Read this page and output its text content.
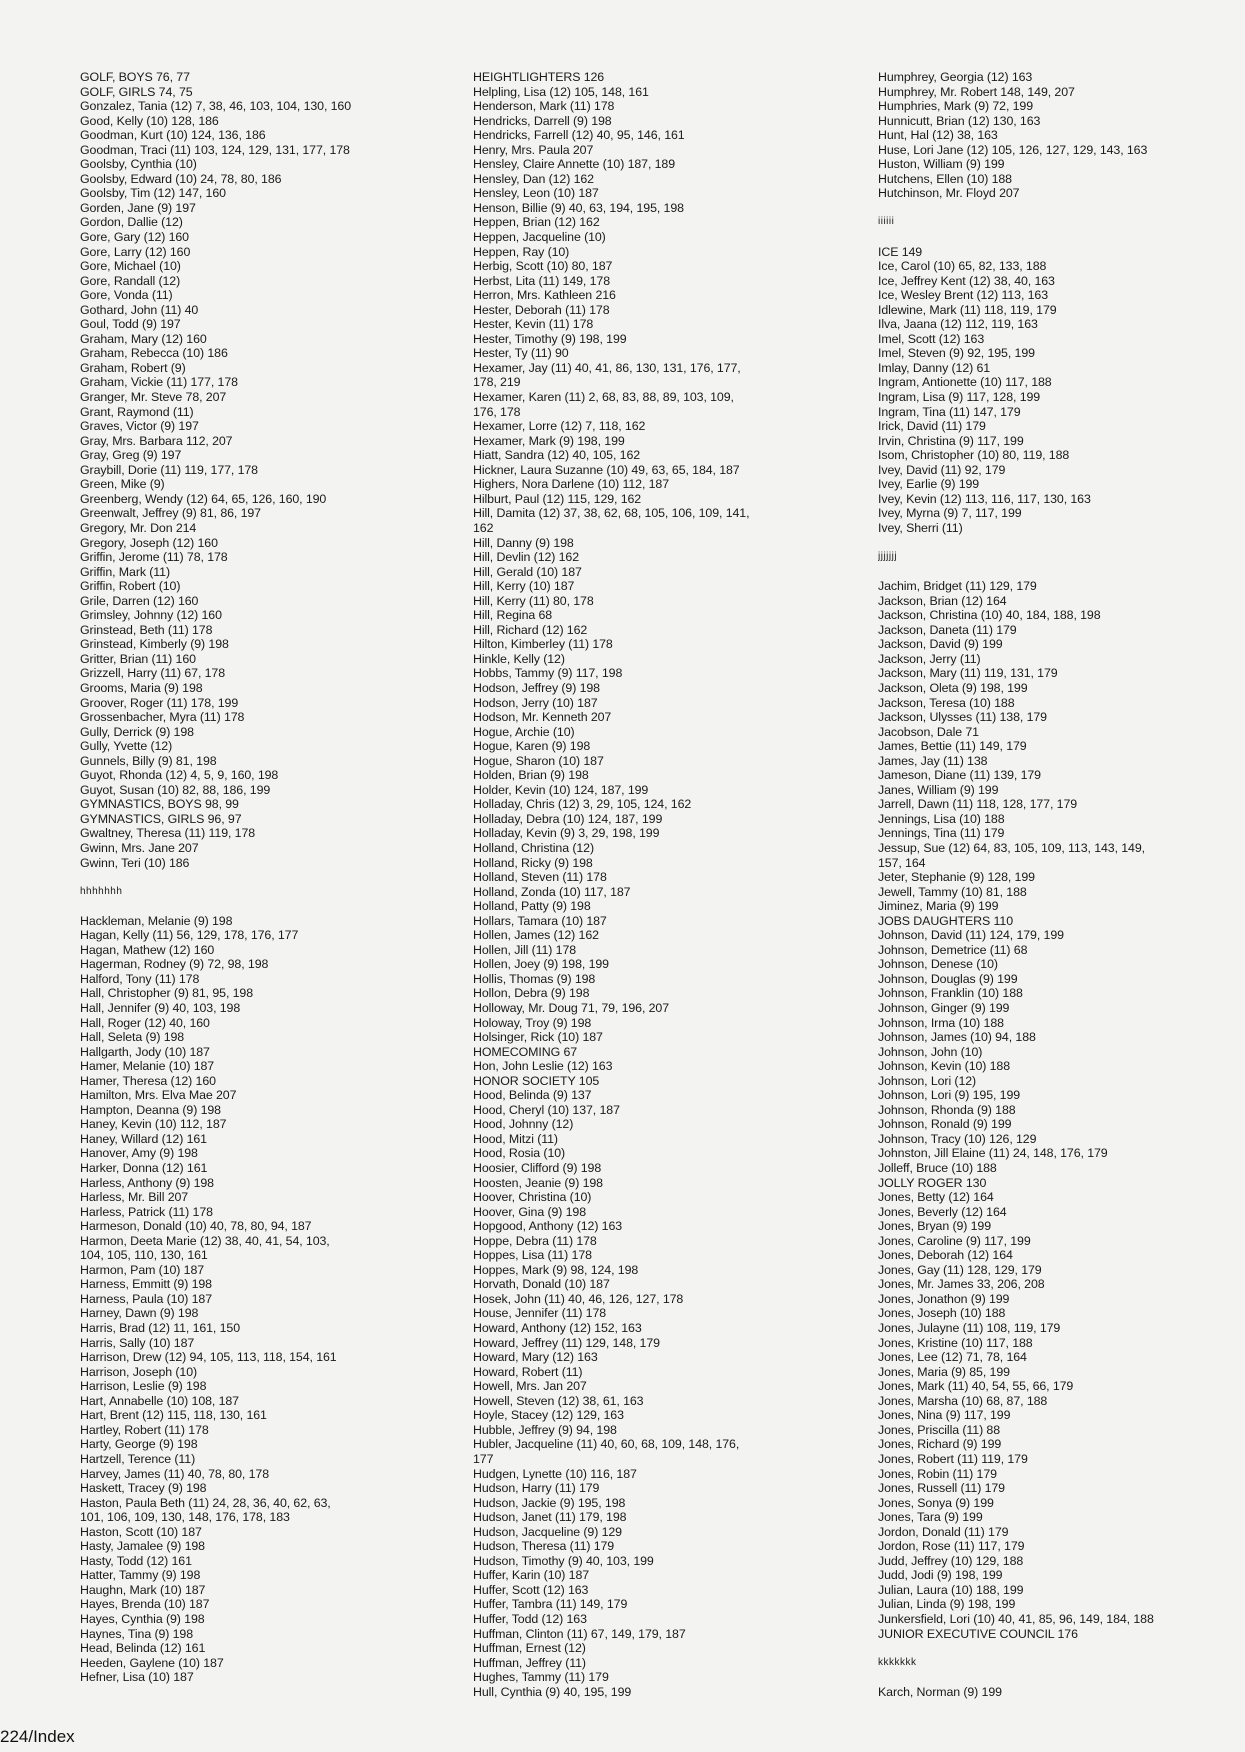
GOLF, BOYS 76, 77
GOLF, GIRLS 74, 75
Gonzalez, Tania (12) 7, 38, 46, 103, 104, 130, 160
Good, Kelly (10) 128, 186
Goodman, Kurt (10) 124, 136, 186
Goodman, Traci (11) 103, 124, 129, 131, 177, 178
Goolsby, Cynthia (10)
Goolsby, Edward (10) 24, 78, 80, 186
Goolsby, Tim (12) 147, 160
Gorden, Jane (9) 197
Gordon, Dallie (12)
Gore, Gary (12) 160
Gore, Larry (12) 160
Gore, Michael (10)
Gore, Randall (12)
Gore, Vonda (11)
Gothard, John (11) 40
Goul, Todd (9) 197
Graham, Mary (12) 160
Graham, Rebecca (10) 186
Graham, Robert (9)
Graham, Vickie (11) 177, 178
Granger, Mr. Steve 78, 207
Grant, Raymond (11)
Graves, Victor (9) 197
Gray, Mrs. Barbara 112, 207
Gray, Greg (9) 197
Graybill, Dorie (11) 119, 177, 178
Green, Mike (9)
Greenberg, Wendy (12) 64, 65, 126, 160, 190
Greenwalt, Jeffrey (9) 81, 86, 197
Gregory, Mr. Don 214
Gregory, Joseph (12) 160
Griffin, Jerome (11) 78, 178
Griffin, Mark (11)
Griffin, Robert (10)
Grile, Darren (12) 160
Grimsley, Johnny (12) 160
Grinstead, Beth (11) 178
Grinstead, Kimberly (9) 198
Gritter, Brian (11) 160
Grizzell, Harry (11) 67, 178
Grooms, Maria (9) 198
Groover, Roger (11) 178, 199
Grossenbacher, Myra (11) 178
Gully, Derrick (9) 198
Gully, Yvette (12)
Gunnels, Billy (9) 81, 198
Guyot, Rhonda (12) 4, 5, 9, 160, 198
Guyot, Susan (10) 82, 88, 186, 199
GYMNASTICS, BOYS 98, 99
GYMNASTICS, GIRLS 96, 97
Gwaltney, Theresa (11) 119, 178
Gwinn, Mrs. Jane 207
Gwinn, Teri (10) 186
hhhhhhh
Hackleman, Melanie (9) 198
Hagan, Kelly (11) 56, 129, 178, 176, 177
Hagan, Mathew (12) 160
Hagerman, Rodney (9) 72, 98, 198
Halford, Tony (11) 178
Hall, Christopher (9) 81, 95, 198
Hall, Jennifer (9) 40, 103, 198
Hall, Roger (12) 40, 160
Hall, Seleta (9) 198
Hallgarth, Jody (10) 187
Hamer, Melanie (10) 187
Hamer, Theresa (12) 160
Hamilton, Mrs. Elva Mae 207
Hampton, Deanna (9) 198
Haney, Kevin (10) 112, 187
Haney, Willard (12) 161
Hanover, Amy (9) 198
Harker, Donna (12) 161
Harless, Anthony (9) 198
Harless, Mr. Bill 207
Harless, Patrick (11) 178
Harmeson, Donald (10) 40, 78, 80, 94, 187
Harmon, Deeta Marie (12) 38, 40, 41, 54, 103,
104, 105, 110, 130, 161
Harmon, Pam (10) 187
Harness, Emmitt (9) 198
Harness, Paula (10) 187
Harney, Dawn (9) 198
Harris, Brad (12) 11, 161, 150
Harris, Sally (10) 187
Harrison, Drew (12) 94, 105, 113, 118, 154, 161
Harrison, Joseph (10)
Harrison, Leslie (9) 198
Hart, Annabelle (10) 108, 187
Hart, Brent (12) 115, 118, 130, 161
Hartley, Robert (11) 178
Harty, George (9) 198
Hartzell, Terence (11)
Harvey, James (11) 40, 78, 80, 178
Haskett, Tracey (9) 198
Haston, Paula Beth (11) 24, 28, 36, 40, 62, 63,
101, 106, 109, 130, 148, 176, 178, 183
Haston, Scott (10) 187
Hasty, Jamalee (9) 198
Hasty, Todd (12) 161
Hatter, Tammy (9) 198
Haughn, Mark (10) 187
Hayes, Brenda (10) 187
Hayes, Cynthia (9) 198
Haynes, Tina (9) 198
Head, Belinda (12) 161
Heeden, Gaylene (10) 187
Hefner, Lisa (10) 187
HEIGHTLIGHTERS 126
Helpling, Lisa (12) 105, 148, 161
Henderson, Mark (11) 178
Hendricks, Darrell (9) 198
Hendricks, Farrell (12) 40, 95, 146, 161
Henry, Mrs. Paula 207
Hensley, Claire Annette (10) 187, 189
Hensley, Dan (12) 162
Hensley, Leon (10) 187
Henson, Billie (9) 40, 63, 194, 195, 198
Heppen, Brian (12) 162
Heppen, Jacqueline (10)
Heppen, Ray (10)
Herbig, Scott (10) 80, 187
Herbst, Lita (11) 149, 178
Herron, Mrs. Kathleen 216
Hester, Deborah (11) 178
Hester, Kevin (11) 178
Hester, Timothy (9) 198, 199
Hester, Ty (11) 90
Hexamer, Jay (11) 40, 41, 86, 130, 131, 176, 177,
178, 219
Hexamer, Karen (11) 2, 68, 83, 88, 89, 103, 109,
176, 178
Hexamer, Lorre (12) 7, 118, 162
Hexamer, Mark (9) 198, 199
Hiatt, Sandra (12) 40, 105, 162
Hickner, Laura Suzanne (10) 49, 63, 65, 184, 187
Highers, Nora Darlene (10) 112, 187
Hilburt, Paul (12) 115, 129, 162
Hill, Damita (12) 37, 38, 62, 68, 105, 106, 109, 141,
162
Hill, Danny (9) 198
Hill, Devlin (12) 162
Hill, Gerald (10) 187
Hill, Kerry (10) 187
Hill, Kerry (11) 80, 178
Hill, Regina 68
Hill, Richard (12) 162
Hilton, Kimberley (11) 178
Hinkle, Kelly (12)
Hobbs, Tammy (9) 117, 198
Hodson, Jeffrey (9) 198
Hodson, Jerry (10) 187
Hodson, Mr. Kenneth 207
Hogue, Archie (10)
Hogue, Karen (9) 198
Hogue, Sharon (10) 187
Holden, Brian (9) 198
Holder, Kevin (10) 124, 187, 199
Holladay, Chris (12) 3, 29, 105, 124, 162
Holladay, Debra (10) 124, 187, 199
Holladay, Kevin (9) 3, 29, 198, 199
Holland, Christina (12)
Holland, Ricky (9) 198
Holland, Steven (11) 178
Holland, Zonda (10) 117, 187
Holland, Patty (9) 198
Hollars, Tamara (10) 187
Hollen, James (12) 162
Hollen, Jill (11) 178
Hollen, Joey (9) 198, 199
Hollis, Thomas (9) 198
Hollon, Debra (9) 198
Holloway, Mr. Doug 71, 79, 196, 207
Holoway, Troy (9) 198
Holsinger, Rick (10) 187
HOMECOMING 67
Hon, John Leslie (12) 163
HONOR SOCIETY 105
Hood, Belinda (9) 137
Hood, Cheryl (10) 137, 187
Hood, Johnny (12)
Hood, Mitzi (11)
Hood, Rosia (10)
Hoosier, Clifford (9) 198
Hoosten, Jeanie (9) 198
Hoover, Christina (10)
Hoover, Gina (9) 198
Hopgood, Anthony (12) 163
Hoppe, Debra (11) 178
Hoppes, Lisa (11) 178
Hoppes, Mark (9) 98, 124, 198
Horvath, Donald (10) 187
Hosek, John (11) 40, 46, 126, 127, 178
House, Jennifer (11) 178
Howard, Anthony (12) 152, 163
Howard, Jeffrey (11) 129, 148, 179
Howard, Mary (12) 163
Howard, Robert (11)
Howell, Mrs. Jan 207
Howell, Steven (12) 38, 61, 163
Hoyle, Stacey (12) 129, 163
Hubble, Jeffrey (9) 94, 198
Hubler, Jacqueline (11) 40, 60, 68, 109, 148, 176,
177
Hudgen, Lynette (10) 116, 187
Hudson, Harry (11) 179
Hudson, Jackie (9) 195, 198
Hudson, Janet (11) 179, 198
Hudson, Jacqueline (9) 129
Hudson, Theresa (11) 179
Hudson, Timothy (9) 40, 103, 199
Huffer, Karin (10) 187
Huffer, Scott (12) 163
Huffer, Tambra (11) 149, 179
Huffer, Todd (12) 163
Huffman, Clinton (11) 67, 149, 179, 187
Huffman, Ernest (12)
Huffman, Jeffrey (11)
Hughes, Tammy (11) 179
Hull, Cynthia (9) 40, 195, 199
Humphrey, Georgia (12) 163
Humphrey, Mr. Robert 148, 149, 207
Humphries, Mark (9) 72, 199
Hunnicutt, Brian (12) 130, 163
Hunt, Hal (12) 38, 163
Huse, Lori Jane (12) 105, 126, 127, 129, 143, 163
Huston, William (9) 199
Hutchens, Ellen (10) 188
Hutchinson, Mr. Floyd 207
iiiiii
ICE 149
Ice, Carol (10) 65, 82, 133, 188
Ice, Jeffrey Kent (12) 38, 40, 163
Ice, Wesley Brent (12) 113, 163
Idlewine, Mark (11) 118, 119, 179
Ilva, Jaana (12) 112, 119, 163
Imel, Scott (12) 163
Imel, Steven (9) 92, 195, 199
Imlay, Danny (12) 61
Ingram, Antionette (10) 117, 188
Ingram, Lisa (9) 117, 128, 199
Ingram, Tina (11) 147, 179
Irick, David (11) 179
Irvin, Christina (9) 117, 199
Isom, Christopher (10) 80, 119, 188
Ivey, David (11) 92, 179
Ivey, Earlie (9) 199
Ivey, Kevin (12) 113, 116, 117, 130, 163
Ivey, Myrna (9) 7, 117, 199
Ivey, Sherri (11)
jjjjjjj
Jachim, Bridget (11) 129, 179
Jackson, Brian (12) 164
Jackson, Christina (10) 40, 184, 188, 198
Jackson, Daneta (11) 179
Jackson, David (9) 199
Jackson, Jerry (11)
Jackson, Mary (11) 119, 131, 179
Jackson, Oleta (9) 198, 199
Jackson, Teresa (10) 188
Jackson, Ulysses (11) 138, 179
Jacobson, Dale 71
James, Bettie (11) 149, 179
James, Jay (11) 138
Jameson, Diane (11) 139, 179
Janes, William (9) 199
Jarrell, Dawn (11) 118, 128, 177, 179
Jennings, Lisa (10) 188
Jennings, Tina (11) 179
Jessup, Sue (12) 64, 83, 105, 109, 113, 143, 149,
157, 164
Jeter, Stephanie (9) 128, 199
Jewell, Tammy (10) 81, 188
Jiminez, Maria (9) 199
JOBS DAUGHTERS 110
Johnson, David (11) 124, 179, 199
Johnson, Demetrice (11) 68
Johnson, Denese (10)
Johnson, Douglas (9) 199
Johnson, Franklin (10) 188
Johnson, Ginger (9) 199
Johnson, Irma (10) 188
Johnson, James (10) 94, 188
Johnson, John (10)
Johnson, Kevin (10) 188
Johnson, Lori (12)
Johnson, Lori (9) 195, 199
Johnson, Rhonda (9) 188
Johnson, Ronald (9) 199
Johnson, Tracy (10) 126, 129
Johnston, Jill Elaine (11) 24, 148, 176, 179
Jolleff, Bruce (10) 188
JOLLY ROGER 130
Jones, Betty (12) 164
Jones, Beverly (12) 164
Jones, Bryan (9) 199
Jones, Caroline (9) 117, 199
Jones, Deborah (12) 164
Jones, Gay (11) 128, 129, 179
Jones, Mr. James 33, 206, 208
Jones, Jonathon (9) 199
Jones, Joseph (10) 188
Jones, Julayne (11) 108, 119, 179
Jones, Kristine (10) 117, 188
Jones, Lee (12) 71, 78, 164
Jones, Maria (9) 85, 199
Jones, Mark (11) 40, 54, 55, 66, 179
Jones, Marsha (10) 68, 87, 188
Jones, Nina (9) 117, 199
Jones, Priscilla (11) 88
Jones, Richard (9) 199
Jones, Robert (11) 119, 179
Jones, Robin (11) 179
Jones, Russell (11) 179
Jones, Sonya (9) 199
Jones, Tara (9) 199
Jordon, Donald (11) 179
Jordon, Rose (11) 117, 179
Judd, Jeffrey (10) 129, 188
Judd, Jodi (9) 198, 199
Julian, Laura (10) 188, 199
Julian, Linda (9) 198, 199
Junkersfield, Lori (10) 40, 41, 85, 96, 149, 184, 188
JUNIOR EXECUTIVE COUNCIL 176
kkkkkkk
Karch, Norman (9) 199
224/Index
